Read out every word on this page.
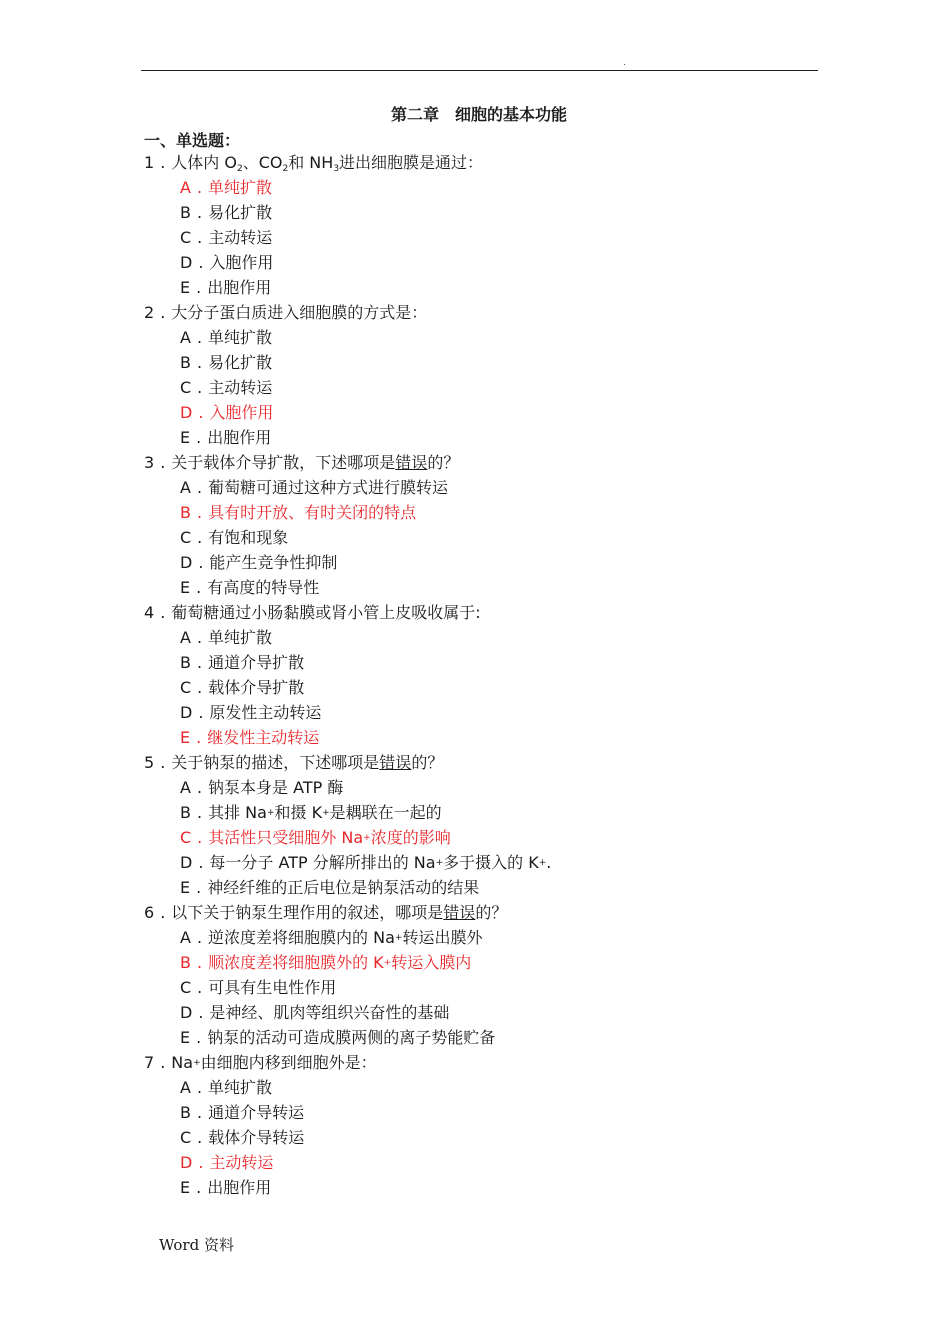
.
第二章　细胞的基本功能
一、单选题：
1 . 人体内 $O_2$、$CO_2$和 $NH_3$进出细胞膜是通过：
A . 单纯扩散
B . 易化扩散
C . 主动转运
D . 入胞作用
E . 出胞作用
2 . 大分子蛋白质进入细胞膜的方式是：
A . 单纯扩散
B . 易化扩散
C . 主动转运
D . 入胞作用
E . 出胞作用
3 . 关于载体介导扩散，下述哪项是错误的？
A . 葡萄糖可通过这种方式进行膜转运
B . 具有时开放、有时关闭的特点
C . 有饱和现象
D . 能产生竞争性抑制
E . 有高度的特导性
4 . 葡萄糖通过小肠黏膜或肾小管上皮吸收属于:
A . 单纯扩散
B . 通道介导扩散
C . 载体介导扩散
D . 原发性主动转运
E . 继发性主动转运
5 . 关于钠泵的描述，下述哪项是错误的？
A . 钠泵本身是 ATP 酶
B . 其排 Na+和摄 K+是耦联在一起的
C . 其活性只受细胞外 Na+浓度的影响
D . 每一分子 ATP 分解所排出的 Na+多于摄入的 K+.
E . 神经纤维的正后电位是钠泵活动的结果
6 . 以下关于钠泵生理作用的叙述，哪项是错误的？
A . 逆浓度差将细胞膜内的 Na+转运出膜外
B . 顺浓度差将细胞膜外的 K+转运入膜内
C . 可具有生电性作用
D . 是神经、肌肉等组织兴奋性的基础
E . 钠泵的活动可造成膜两侧的离子势能贮备
7 . Na+由细胞内移到细胞外是：
A . 单纯扩散
B . 通道介导转运
C . 载体介导转运
D . 主动转运
E . 出胞作用
Word 资料
